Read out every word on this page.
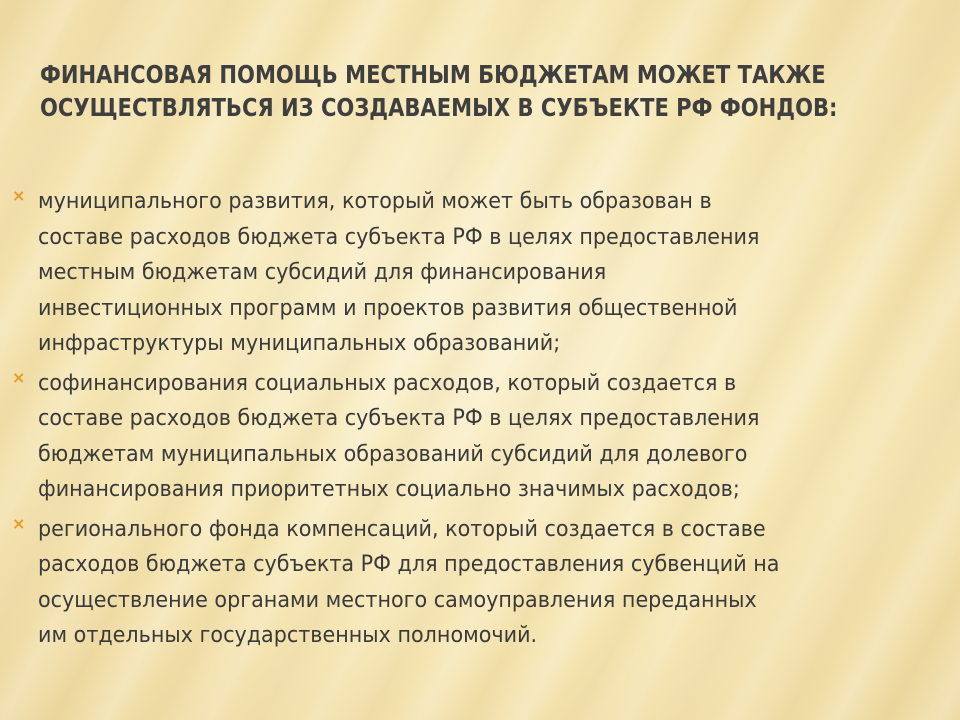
ФИНАНСОВАЯ ПОМОЩЬ МЕСТНЫМ БЮДЖЕТАМ МОЖЕТ ТАКЖЕ
ОСУЩЕСТВЛЯТЬСЯ ИЗ СОЗДАВАЕМЫХ В СУБЪЕКТЕ РФ ФОНДОВ:
× муниципального развития, который может быть образован в
составе расходов бюджета субъекта РФ в целях предоставления
местным бюджетам субсидий для финансирования
инвестиционных программ и проектов развития общественной
инфраструктуры муниципальных образований;
× софинансирования социальных расходов, который создается в
составе расходов бюджета субъекта РФ в целях предоставления
бюджетам муниципальных образований субсидий для долевого
финансирования приоритетных социально значимых расходов;
× регионального фонда компенсаций, который создается в составе
расходов бюджета субъекта РФ для предоставления субвенций на
осуществление органами местного самоуправления переданных
им отдельных государственных полномочий.
